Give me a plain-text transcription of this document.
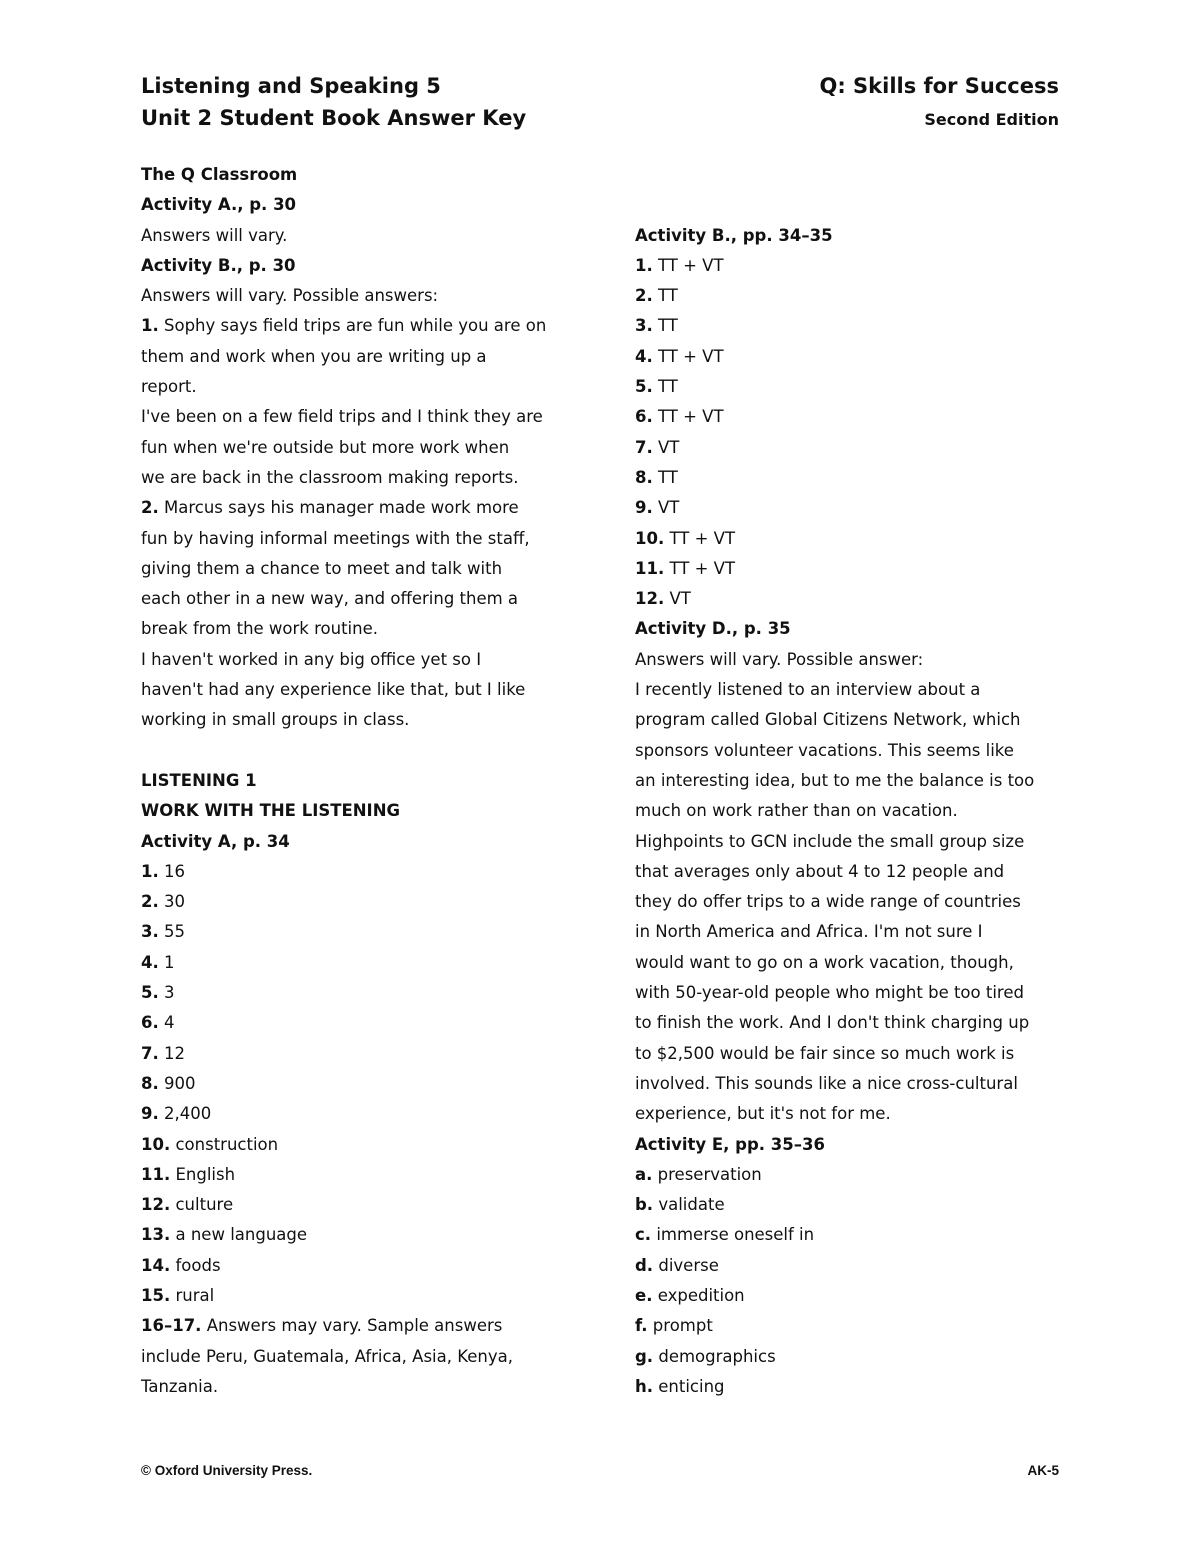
Listening and Speaking 5
Unit 2 Student Book Answer Key
Q: Skills for Success
Second Edition
The Q Classroom
Activity A., p. 30
Answers will vary.
Activity B., p. 30
Answers will vary. Possible answers:
1. Sophy says field trips are fun while you are on
them and work when you are writing up a
report.
I've been on a few field trips and I think they are
fun when we're outside but more work when
we are back in the classroom making reports.
2. Marcus says his manager made work more
fun by having informal meetings with the staff,
giving them a chance to meet and talk with
each other in a new way, and offering them a
break from the work routine.
I haven't worked in any big office yet so I
haven't had any experience like that, but I like
working in small groups in class.
LISTENING 1
WORK WITH THE LISTENING
Activity A, p. 34
1. 16
2. 30
3. 55
4. 1
5. 3
6. 4
7. 12
8. 900
9. 2,400
10. construction
11. English
12. culture
13. a new language
14. foods
15. rural
16–17. Answers may vary. Sample answers
include Peru, Guatemala, Africa, Asia, Kenya,
Tanzania.
Activity B., pp. 34–35
1. TT + VT
2. TT
3. TT
4. TT + VT
5. TT
6. TT + VT
7. VT
8. TT
9. VT
10. TT + VT
11. TT + VT
12. VT
Activity D., p. 35
Answers will vary. Possible answer:
I recently listened to an interview about a
program called Global Citizens Network, which
sponsors volunteer vacations. This seems like
an interesting idea, but to me the balance is too
much on work rather than on vacation.
Highpoints to GCN include the small group size
that averages only about 4 to 12 people and
they do offer trips to a wide range of countries
in North America and Africa. I'm not sure I
would want to go on a work vacation, though,
with 50-year-old people who might be too tired
to finish the work. And I don't think charging up
to $2,500 would be fair since so much work is
involved. This sounds like a nice cross-cultural
experience, but it's not for me.
Activity E, pp. 35–36
a. preservation
b. validate
c. immerse oneself in
d. diverse
e. expedition
f. prompt
g. demographics
h. enticing
© Oxford University Press.	AK-5
